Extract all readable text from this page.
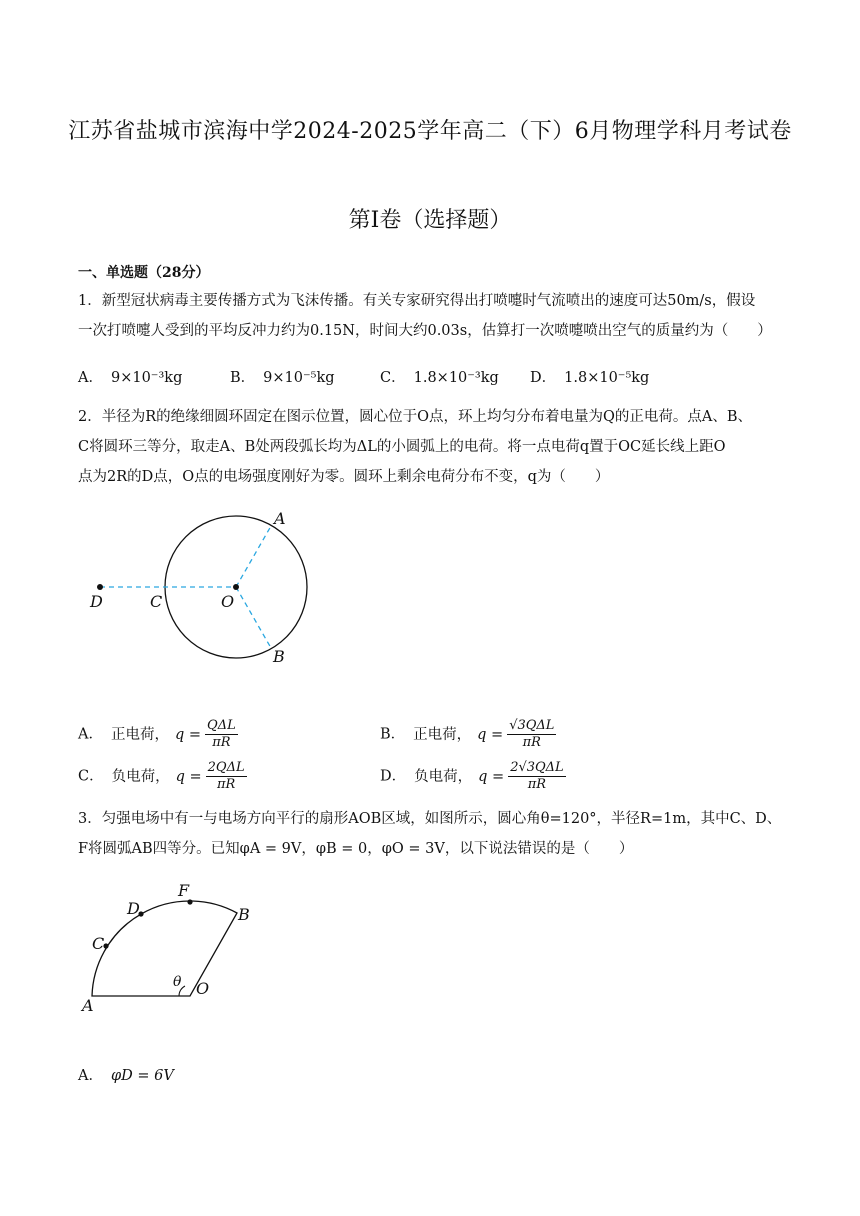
江苏省盐城市滨海中学2024-2025学年高二（下）6月物理学科月考试卷
第Ⅰ卷（选择题）
一、单选题（28分）
1．新型冠状病毒主要传播方式为飞沫传播。有关专家研究得出打喷嚏时气流喷出的速度可达50m/s，假设
一次打喷嚏人受到的平均反冲力约为0.15N，时间大约0.03s，估算打一次喷嚏喷出空气的质量约为（　　）
A． 9×10⁻³kg	B． 9×10⁻⁵kg	C． 1.8×10⁻³kg D． 1.8×10⁻⁵kg
2．半径为R的绝缘细圆环固定在图示位置，圆心位于O点，环上均匀分布着电量为Q的正电荷。点A、B、
C将圆环三等分，取走A、B处两段弧长均为ΔL的小圆弧上的电荷。将一点电荷q置于OC延长线上距O
点为2R的D点，O点的电场强度刚好为零。圆环上剩余电荷分布不变，q为（　　）
A
B
C
D	O
A． 正电荷， $q = \frac{\text{QΔL}}{\pi R}$	B． 正电荷， $q = \frac{\text{√3QΔL}}{\pi R}$
C． 负电荷， $q = \frac{\text{2QΔL}}{\pi R}$	D． 负电荷， $q = \frac{\text{2√3QΔL}}{\pi R}$
3．匀强电场中有一与电场方向平行的扇形AOB区域，如图所示，圆心角θ=120°，半径R=1m，其中C、D、
F将圆弧AB四等分。已知φA = 9V，φB = 0，φO = 3V，以下说法错误的是（　　）
A
B
C
D
F
O
θ
A． φD = 6V
